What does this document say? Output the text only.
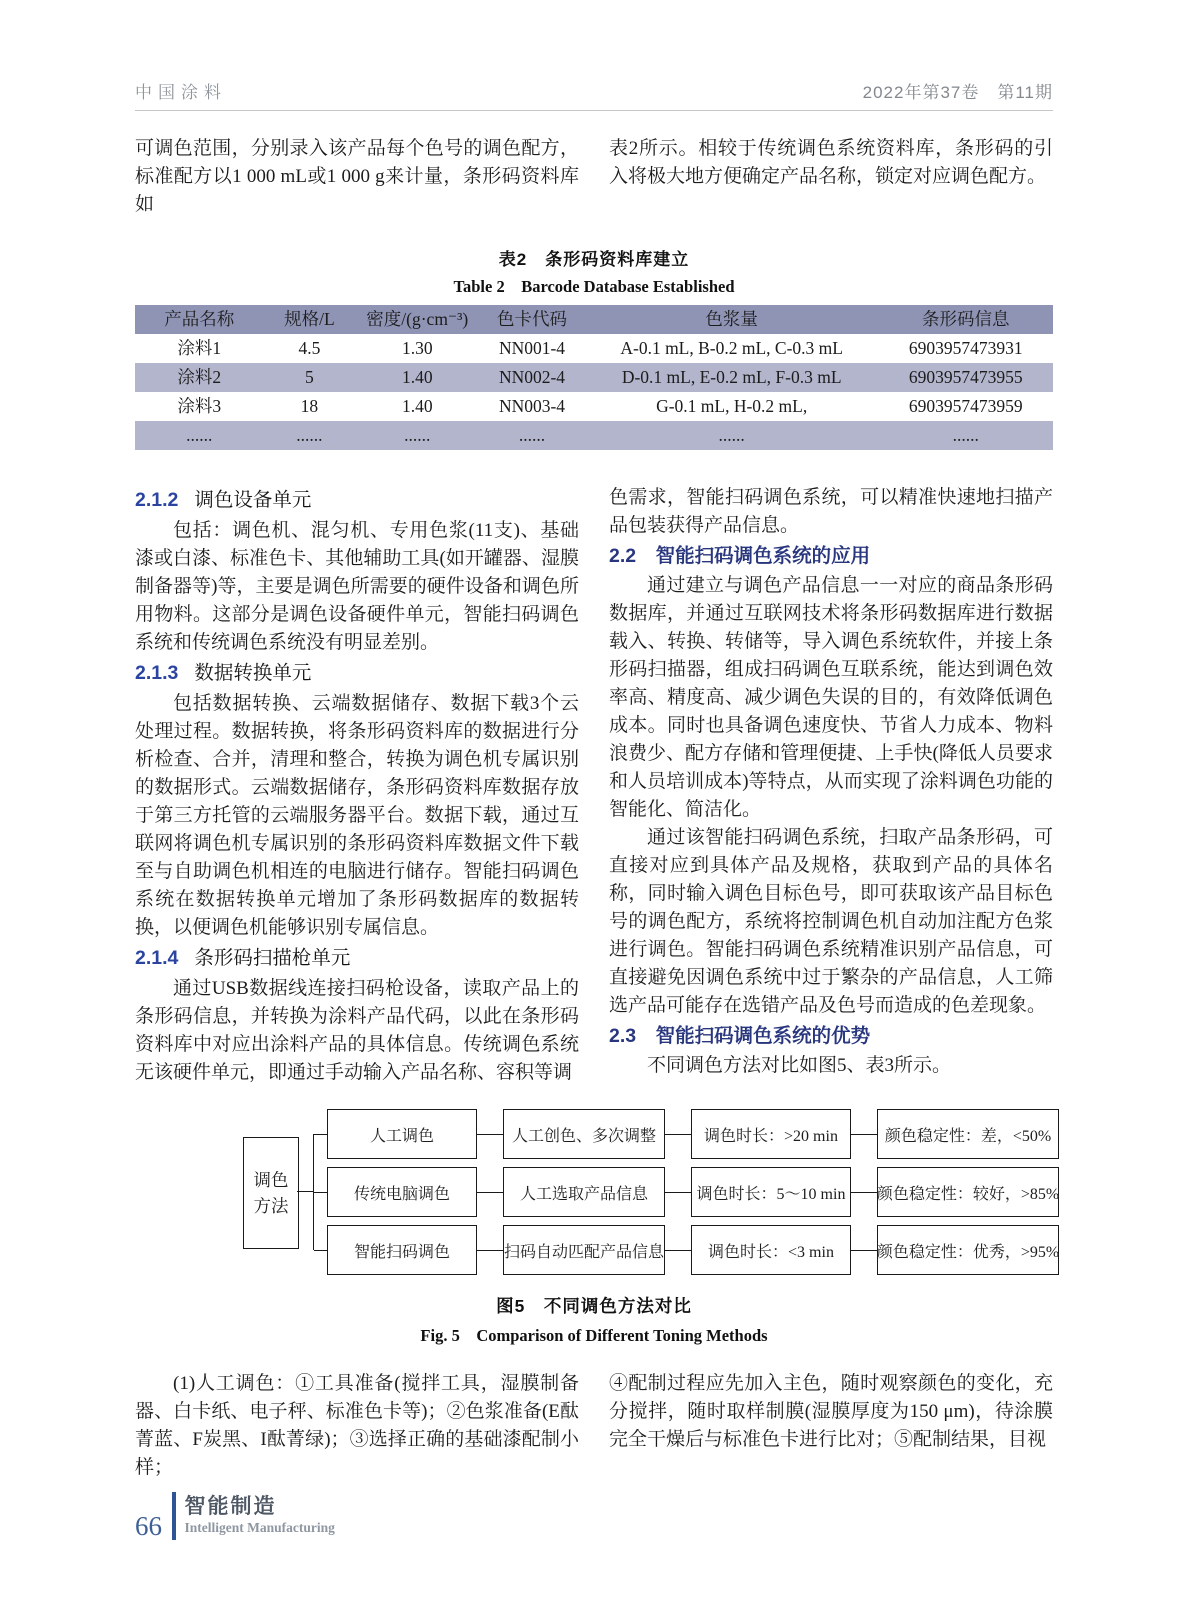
中国涂料	2022年第37卷　第11期

可调色范围，分别录入该产品每个色号的调色配方，标准配方以1 000 mL或1 000 g来计量，条形码资料库如

表2所示。相较于传统调色系统资料库，条形码的引入将极大地方便确定产品名称，锁定对应调色配方。

表2　条形码资料库建立

Table 2　Barcode Database Established

产品名称	规格/L	密度/(g·cm⁻³)	色卡代码	色浆量	条形码信息
涂料1	4.5	1.30	NN001-4	A-0.1 mL, B-0.2 mL, C-0.3 mL	6903957473931
涂料2	5	1.40	NN002-4	D-0.1 mL, E-0.2 mL, F-0.3 mL	6903957473955
涂料3	18	1.40	NN003-4	G-0.1 mL, H-0.2 mL,	6903957473959
......	......	......	......	......	......

2.1.2 调色设备单元

包括：调色机、混匀机、专用色浆(11支)、基础漆或白漆、标准色卡、其他辅助工具(如开罐器、湿膜制备器等)等，主要是调色所需要的硬件设备和调色所用物料。这部分是调色设备硬件单元，智能扫码调色系统和传统调色系统没有明显差别。

2.1.3 数据转换单元

包括数据转换、云端数据储存、数据下载3个云处理过程。数据转换，将条形码资料库的数据进行分析检查、合并，清理和整合，转换为调色机专属识别的数据形式。云端数据储存，条形码资料库数据存放于第三方托管的云端服务器平台。数据下载，通过互联网将调色机专属识别的条形码资料库数据文件下载至与自助调色机相连的电脑进行储存。智能扫码调色系统在数据转换单元增加了条形码数据库的数据转换，以便调色机能够识别专属信息。

2.1.4 条形码扫描枪单元

通过USB数据线连接扫码枪设备，读取产品上的条形码信息，并转换为涂料产品代码，以此在条形码资料库中对应出涂料产品的具体信息。传统调色系统无该硬件单元，即通过手动输入产品名称、容积等调

色需求，智能扫码调色系统，可以精准快速地扫描产品包装获得产品信息。

2.2　智能扫码调色系统的应用

通过建立与调色产品信息一一对应的商品条形码数据库，并通过互联网技术将条形码数据库进行数据载入、转换、转储等，导入调色系统软件，并接上条形码扫描器，组成扫码调色互联系统，能达到调色效率高、精度高、减少调色失误的目的，有效降低调色成本。同时也具备调色速度快、节省人力成本、物料浪费少、配方存储和管理便捷、上手快(降低人员要求和人员培训成本)等特点，从而实现了涂料调色功能的智能化、简洁化。

通过该智能扫码调色系统，扫取产品条形码，可直接对应到具体产品及规格，获取到产品的具体名称，同时输入调色目标色号，即可获取该产品目标色号的调色配方，系统将控制调色机自动加注配方色浆进行调色。智能扫码调色系统精准识别产品信息，可直接避免因调色系统中过于繁杂的产品信息，人工筛选产品可能存在选错产品及色号而造成的色差现象。

2.3　智能扫码调色系统的优势

不同调色方法对比如图5、表3所示。

调色
方法
人工调色	人工创色、多次调整	调色时长：>20 min	颜色稳定性：差，<50%
传统电脑调色	人工选取产品信息	调色时长：5～10 min	颜色稳定性：较好，>85%
智能扫码调色	扫码自动匹配产品信息	调色时长：<3 min	颜色稳定性：优秀，>95%

图5　不同调色方法对比

Fig. 5　Comparison of Different Toning Methods

(1)人工调色：①工具准备(搅拌工具，湿膜制备器、白卡纸、电子秤、标准色卡等)；②色浆准备(E酞菁蓝、F炭黑、I酞菁绿)；③选择正确的基础漆配制小样；

④配制过程应先加入主色，随时观察颜色的变化，充分搅拌，随时取样制膜(湿膜厚度为150 μm)，待涂膜完全干燥后与标准色卡进行比对；⑤配制结果，目视

66
智能制造
Intelligent Manufacturing
